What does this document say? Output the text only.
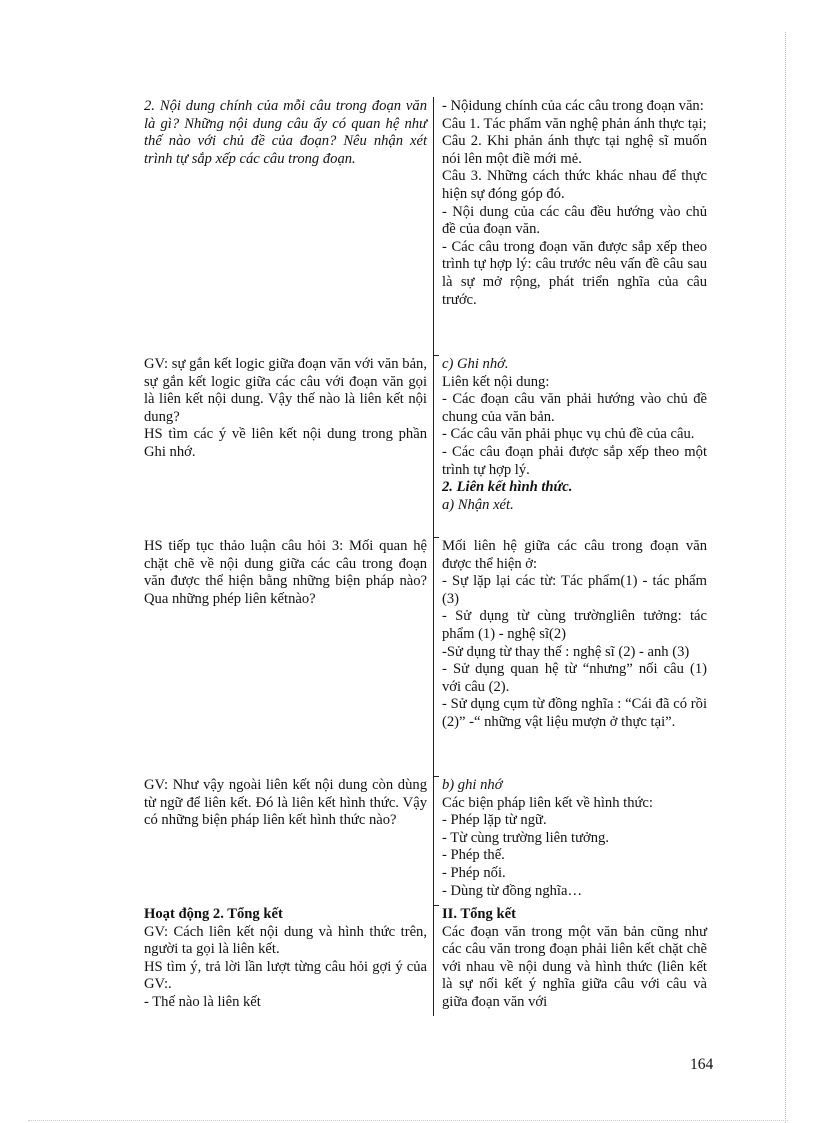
2. Nội dung chính của mỗi câu trong đoạn văn là gì? Những nội dung câu ấy có quan hệ như thế nào với chủ đề của đoạn? Nêu nhận xét trình tự sắp xếp các câu trong đoạn.

GV: sự gắn kết logic giữa đoạn văn với văn bản, sự gắn kết logic giữa các câu với đoạn văn gọi là liên kết nội dung. Vậy thế nào là liên kết nội dung?

HS tìm các ý về liên kết nội dung trong phần Ghi nhớ.

HS tiếp tục thảo luận câu hỏi 3: Mối quan hệ chặt chẽ về nội dung giữa các câu trong đoạn văn được thể hiện bằng những biện pháp nào? Qua những phép liên kếtnào?

GV: Như vậy ngoài liên kết nội dung còn dùng từ ngữ để liên kết. Đó là liên kết hình thức. Vậy có những biện pháp liên kết hình thức nào?

Hoạt động 2. Tổng kết

GV: Cách liên kết nội dung và hình thức trên, người ta gọi là liên kết.

HS tìm ý, trả lời lần lượt từng câu hỏi gợi ý của GV:.

- Thế nào là liên kết

- Nộidung chính của các câu trong đoạn văn:

Câu 1. Tác phẩm văn nghệ phản ánh thực tại;

Câu 2. Khi phản ánh thực tại nghệ sĩ muốn nói lên một điề mới mẻ.

Câu 3. Những cách thức khác nhau để thực hiện sự đóng góp đó.

- Nội dung của các câu đều hướng vào chủ đề của đoạn văn.

- Các câu trong đoạn văn được sắp xếp theo trình tự hợp lý: câu trước nêu vấn đề câu sau là sự mở rộng, phát triển nghĩa của câu trước.

c) Ghi nhớ.

Liên kết nội dung:

- Các đoạn câu văn phải hướng vào chủ đề chung của văn bản.

- Các câu văn phải phục vụ chủ đề của câu.

- Các câu đoạn phải được sắp xếp theo một trình tự hợp lý.

2. Liên kết hình thức.

a) Nhận xét.

Mối liên hệ giữa các câu trong đoạn văn được thể hiện ở:

- Sự lặp lại các từ: Tác phẩm(1) - tác phẩm (3)

- Sử dụng từ cùng trườngliên tưởng: tác phẩm (1) - nghệ sĩ(2)

-Sử dụng từ thay thế : nghệ sĩ (2) - anh (3)

- Sử dụng quan hệ từ “nhưng” nối câu (1) với câu (2).

- Sử dụng cụm từ đồng nghĩa : “Cái đã có rồi (2)” -“ những vật liệu mượn ở thực tại”.

b) ghi nhớ

Các biện pháp liên kết về hình thức:

- Phép lặp từ ngữ.

- Từ cùng trường liên tưởng.

- Phép thế.

- Phép nối.

- Dùng từ đồng nghĩa…

II. Tổng kết

Các đoạn văn trong một văn bản cũng như các câu văn trong đoạn phải liên kết chặt chẽ với nhau về nội dung và hình thức (liên kết là sự nối kết ý nghĩa giữa câu với câu và giữa đoạn văn với

164
